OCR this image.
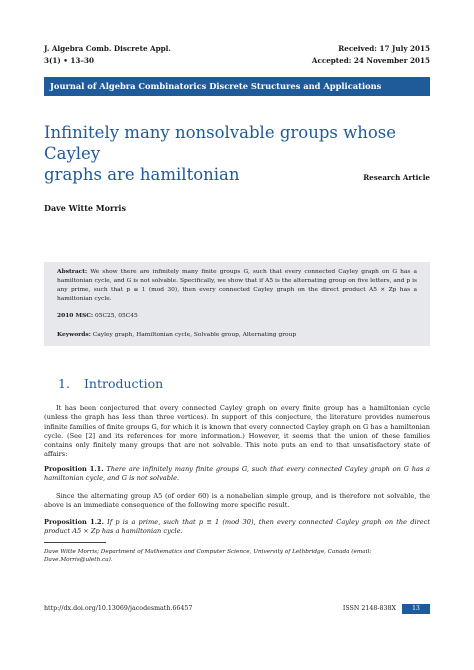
J. Algebra Comb. Discrete Appl.
3(1) • 13–30
Received: 17 July 2015
Accepted: 24 November 2015
Journal of Algebra Combinatorics Discrete Structures and Applications
Infinitely many nonsolvable groups whose Cayley
graphs are hamiltonian	Research Article
Dave Witte Morris
Abstract: We show there are infinitely many finite groups G, such that every connected Cayley graph on G has a hamiltonian cycle, and G is not solvable. Specifically, we show that if A5 is the alternating group on five letters, and p is any prime, such that p ≡ 1 (mod 30), then every connected Cayley graph on the direct product A5 × Zp has a hamiltonian cycle.
2010 MSC: 05C25, 05C45
Keywords: Cayley graph, Hamiltonian cycle, Solvable group, Alternating group
1. Introduction
It has been conjectured that every connected Cayley graph on every finite group has a hamiltonian cycle (unless the graph has less than three vertices). In support of this conjecture, the literature provides numerous infinite families of finite groups G, for which it is known that every connected Cayley graph on G has a hamiltonian cycle. (See [2] and its references for more information.) However, it seems that the union of these families contains only finitely many groups that are not solvable. This note puts an end to that unsatisfactory state of affairs:
Proposition 1.1. There are infinitely many finite groups G, such that every connected Cayley graph on G has a hamiltonian cycle, and G is not solvable.
Since the alternating group A5 (of order 60) is a nonabelian simple group, and is therefore not solvable, the above is an immediate consequence of the following more specific result.
Proposition 1.2. If p is a prime, such that p ≡ 1 (mod 30), then every connected Cayley graph on the direct product A5 × Zp has a hamiltonian cycle.
Dave Witte Morris; Department of Mathematics and Computer Science, University of Lethbridge, Canada (email: Dave.Morris@uleth.ca).
http://dx.doi.org/10.13069/jacodesmath.66457	ISSN 2148-838X	13
